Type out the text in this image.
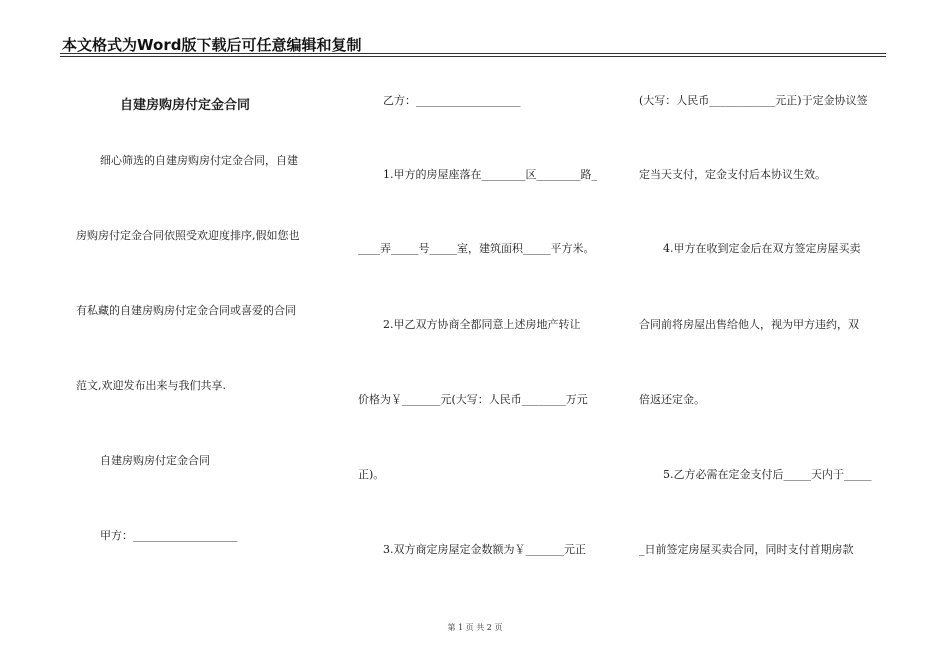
本文格式为Word版下载后可任意编辑和复制
自建房购房付定金合同
细心筛选的自建房购房付定金合同，自建
房购房付定金合同依照受欢迎度排序,假如您也
有私藏的自建房购房付定金合同或喜爱的合同
范文,欢迎发布出来与我们共享.
自建房购房付定金合同
甲方：___________________
乙方：___________________
1.甲方的房屋座落在________区________路_
____弄_____号_____室，建筑面积_____平方米。
2.甲乙双方协商全都同意上述房地产转让
价格为￥_______元(大写：人民币________万元
正)。
3.双方商定房屋定金数额为￥_______元正
(大写：人民币____________元正)于定金协议签
定当天支付，定金支付后本协议生效。
4.甲方在收到定金后在双方签定房屋买卖
合同前将房屋出售给他人，视为甲方违约，双
倍返还定金。
5.乙方必需在定金支付后_____天内于_____
_日前签定房屋买卖合同，同时支付首期房款
第 1 页 共 2 页
